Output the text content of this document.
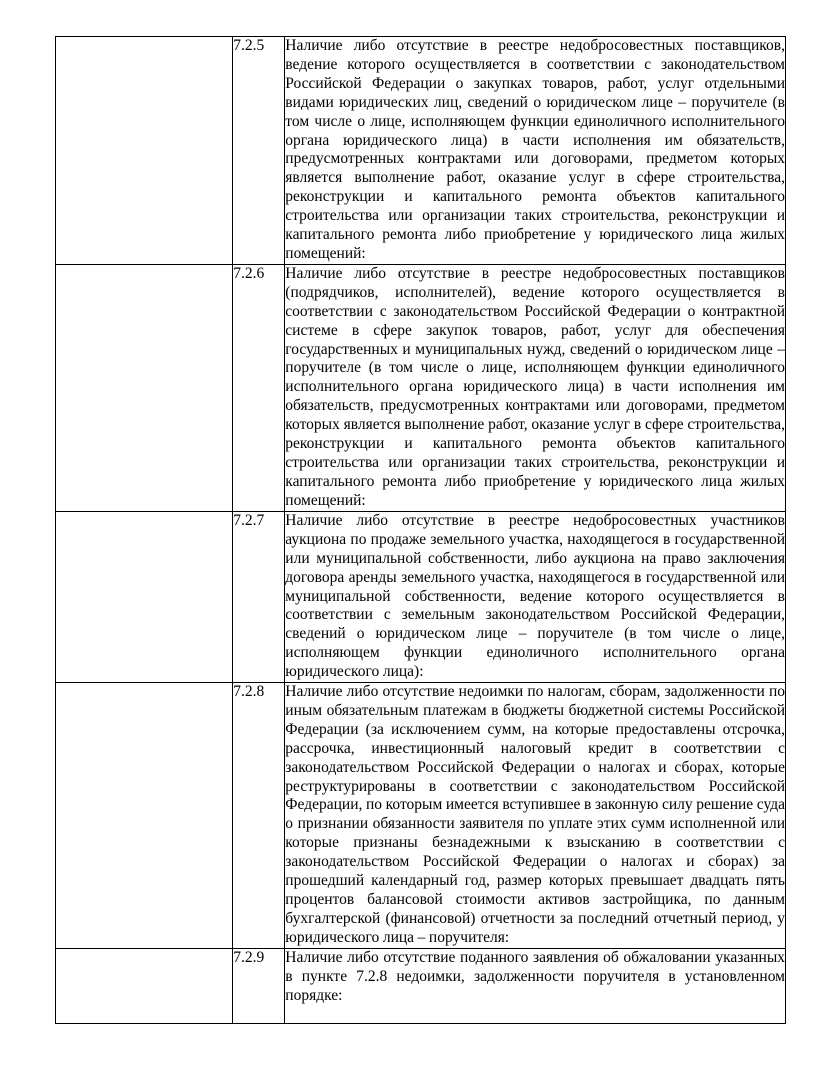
	7.2.5	Наличие либо отсутствие в реестре недобросовестных поставщиков, ведение которого осуществляется в соответствии с законодательством Российской Федерации о закупках товаров, работ, услуг отдельными видами юридических лиц, сведений о юридическом лице – поручителе (в том числе о лице, исполняющем функции единоличного исполнительного органа юридического лица) в части исполнения им обязательств, предусмотренных контрактами или договорами, предметом которых является выполнение работ, оказание услуг в сфере строительства, реконструкции и капитального ремонта объектов капитального строительства или организации таких строительства, реконструкции и капитального ремонта либо приобретение у юридического лица жилых помещений:

	7.2.6	Наличие либо отсутствие в реестре недобросовестных поставщиков (подрядчиков, исполнителей), ведение которого осуществляется в соответствии с законодательством Российской Федерации о контрактной системе в сфере закупок товаров, работ, услуг для обеспечения государственных и муниципальных нужд, сведений о юридическом лице – поручителе (в том числе о лице, исполняющем функции единоличного исполнительного органа юридического лица) в части исполнения им обязательств, предусмотренных контрактами или договорами, предметом которых является выполнение работ, оказание услуг в сфере строительства, реконструкции и капитального ремонта объектов капитального строительства или организации таких строительства, реконструкции и капитального ремонта либо приобретение у юридического лица жилых помещений:

	7.2.7	Наличие либо отсутствие в реестре недобросовестных участников аукциона по продаже земельного участка, находящегося в государственной или муниципальной собственности, либо аукциона на право заключения договора аренды земельного участка, находящегося в государственной или муниципальной собственности, ведение которого осуществляется в соответствии с земельным законодательством Российской Федерации, сведений о юридическом лице – поручителе (в том числе о лице, исполняющем функции единоличного исполнительного органа юридического лица):

	7.2.8	Наличие либо отсутствие недоимки по налогам, сборам, задолженности по иным обязательным платежам в бюджеты бюджетной системы Российской Федерации (за исключением сумм, на которые предоставлены отсрочка, рассрочка, инвестиционный налоговый кредит в соответствии с законодательством Российской Федерации о налогах и сборах, которые реструктурированы в соответствии с законодательством Российской Федерации, по которым имеется вступившее в законную силу решение суда о признании обязанности заявителя по уплате этих сумм исполненной или которые признаны безнадежными к взысканию в соответствии с законодательством Российской Федерации о налогах и сборах) за прошедший календарный год, размер которых превышает двадцать пять процентов балансовой стоимости активов застройщика, по данным бухгалтерской (финансовой) отчетности за последний отчетный период, у юридического лица – поручителя:

	7.2.9	Наличие либо отсутствие поданного заявления об обжаловании указанных в пункте 7.2.8 недоимки, задолженности поручителя в установленном порядке:
